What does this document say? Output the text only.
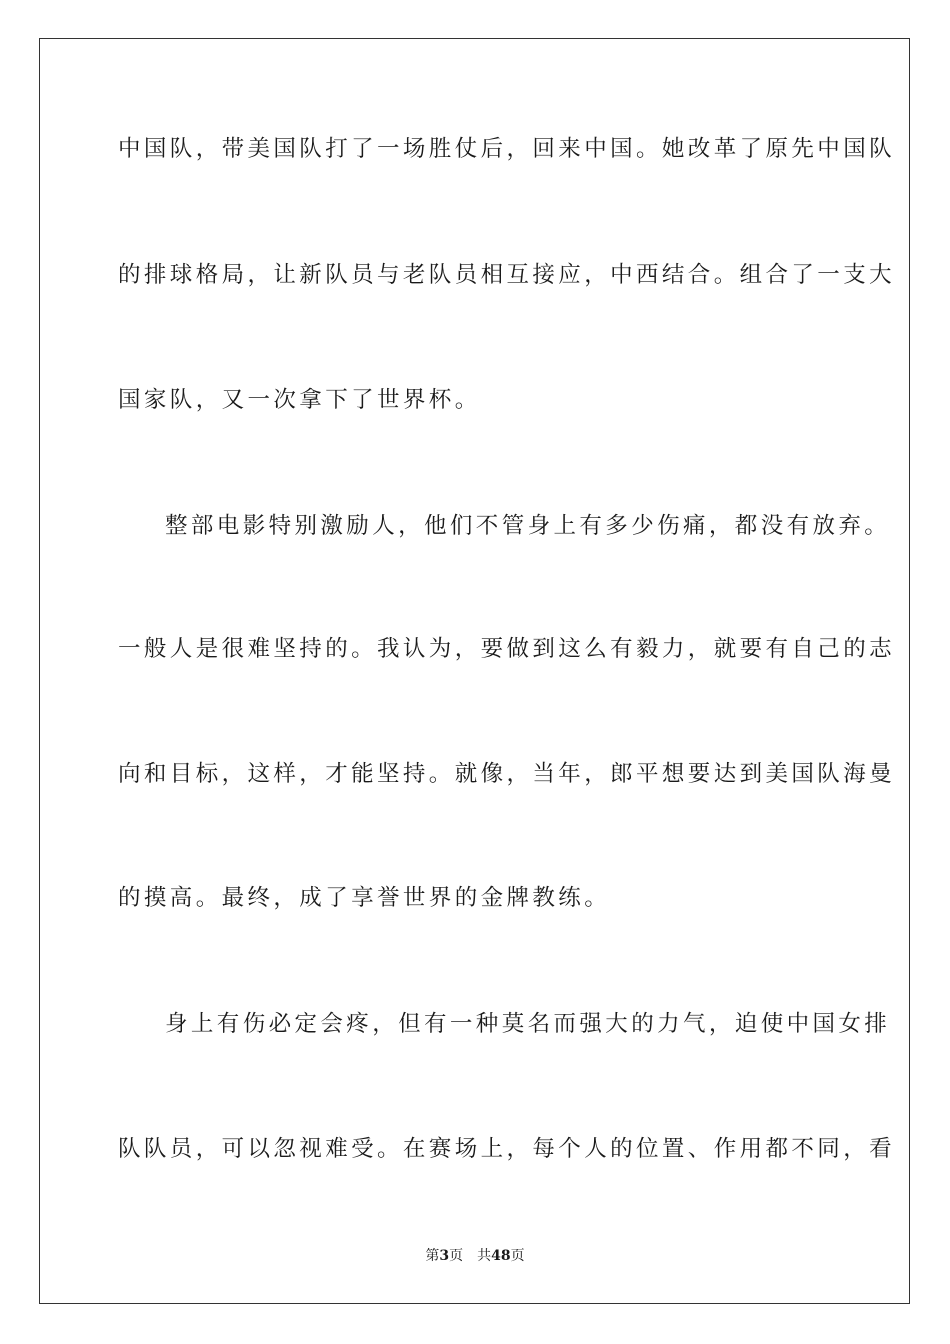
中国队，带美国队打了一场胜仗后，回来中国。她改革了原先中国队
的排球格局，让新队员与老队员相互接应，中西结合。组合了一支大
国家队，又一次拿下了世界杯。
整部电影特别激励人，他们不管身上有多少伤痛，都没有放弃。
一般人是很难坚持的。我认为，要做到这么有毅力，就要有自己的志
向和目标，这样，才能坚持。就像，当年，郎平想要达到美国队海曼
的摸高。最终，成了享誉世界的金牌教练。
身上有伤必定会疼，但有一种莫名而强大的力气，迫使中国女排
队队员，可以忽视难受。在赛场上，每个人的位置、作用都不同，看
第3页 共48页
